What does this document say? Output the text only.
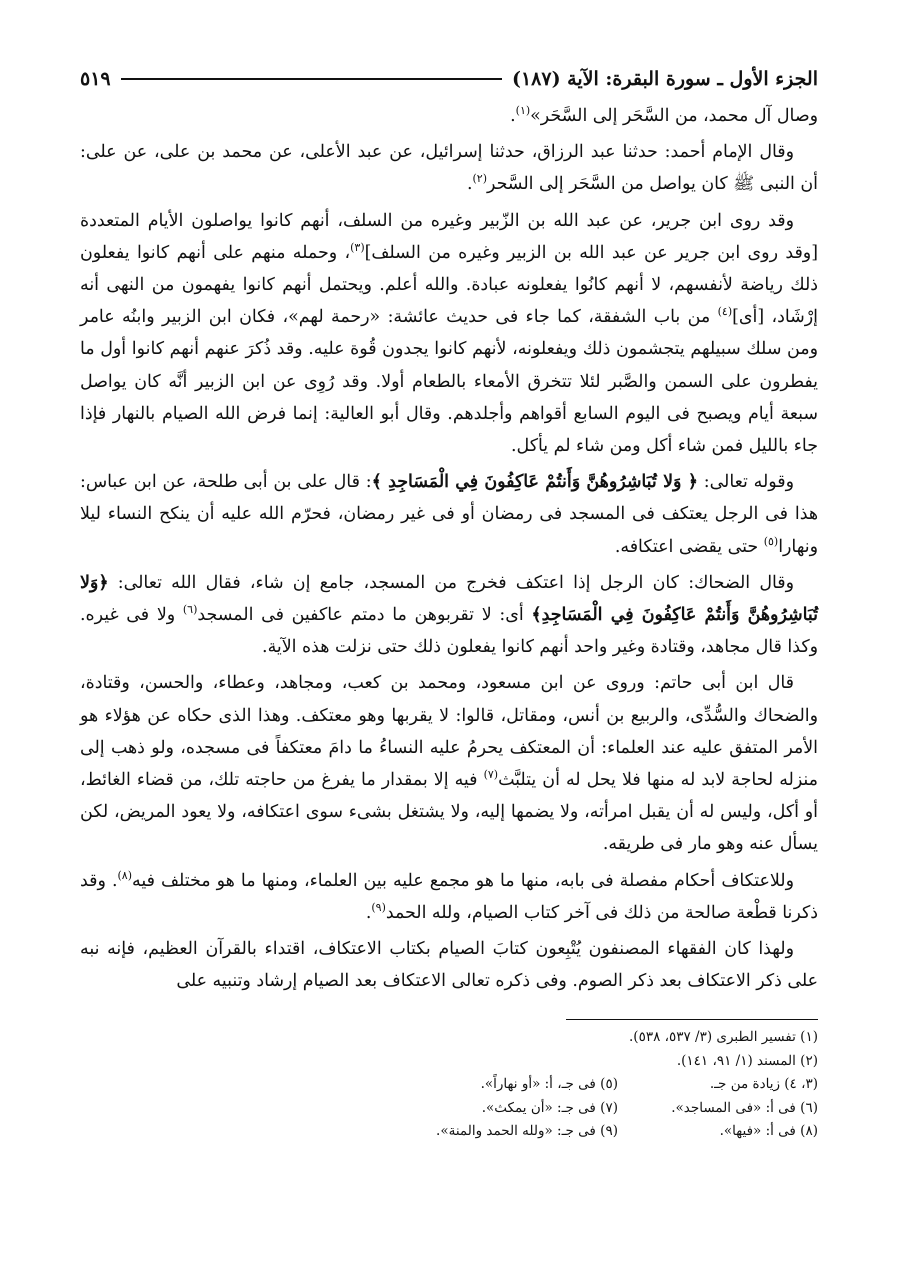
الجزء الأول ـ سورة البقرة: الآية (١٨٧)
٥١٩

وصال آل محمد، من السَّحَر إلى السَّحَر»$^{(١)}$.

وقال الإمام أحمد: حدثنا عبد الرزاق، حدثنا إسرائيل، عن عبد الأعلى، عن محمد بن على، عن على: أن النبى ﷺ كان يواصل من السَّحَر إلى السَّحر$^{(٢)}$.

وقد روى ابن جرير، عن عبد الله بن الزّبير وغيره من السلف، أنهم كانوا يواصلون الأيام المتعددة [وقد روى ابن جرير عن عبد الله بن الزبير وغيره من السلف]$^{(٣)}$، وحمله منهم على أنهم كانوا يفعلون ذلك رياضة لأنفسهم، لا أنهم كانُوا يفعلونه عبادة. والله أعلم. ويحتمل أنهم كانوا يفهمون من النهى أنه إرْشَاد، [أى]$^{(٤)}$ من باب الشفقة، كما جاء فى حديث عائشة: «رحمة لهم»، فكان ابن الزبير وابنُه عامر ومن سلك سبيلهم يتجشمون ذلك ويفعلونه، لأنهم كانوا يجدون قُوة عليه. وقد ذُكرَ عنهم أنهم كانوا أول ما يفطرون على السمن والصَّبر لئلا تتخرق الأمعاء بالطعام أولا. وقد رُوِى عن ابن الزبير أنَّه كان يواصل سبعة أيام ويصبح فى اليوم السابع أقواهم وأجلدهم. وقال أبو العالية: إنما فرض الله الصيام بالنهار فإذا جاء بالليل فمن شاء أكل ومن شاء لم يأكل.

وقوله تعالى: ﴿ وَلا تُبَاشِرُوهُنَّ وَأَنتُمْ عَاكِفُونَ فِي الْمَسَاجِدِ ﴾: قال على بن أبى طلحة، عن ابن عباس: هذا فى الرجل يعتكف فى المسجد فى رمضان أو فى غير رمضان، فحرّم الله عليه أن ينكح النساء ليلا ونهارا$^{(٥)}$ حتى يقضى اعتكافه.

وقال الضحاك: كان الرجل إذا اعتكف فخرج من المسجد، جامع إن شاء، فقال الله تعالى: ﴿وَلا تُبَاشِرُوهُنَّ وَأَنتُمْ عَاكِفُونَ فِي الْمَسَاجِدِ﴾ أى: لا تقربوهن ما دمتم عاكفين فى المسجد$^{(٦)}$ ولا فى غيره. وكذا قال مجاهد، وقتادة وغير واحد أنهم كانوا يفعلون ذلك حتى نزلت هذه الآية.

قال ابن أبى حاتم: وروى عن ابن مسعود، ومحمد بن كعب، ومجاهد، وعطاء، والحسن، وقتادة، والضحاك والسُّدِّى، والربيع بن أنس، ومقاتل، قالوا: لا يقربها وهو معتكف. وهذا الذى حكاه عن هؤلاء هو الأمر المتفق عليه عند العلماء: أن المعتكف يحرمُ عليه النساءُ ما دامَ معتكفاً فى مسجده، ولو ذهب إلى منزله لحاجة لابد له منها فلا يحل له أن يتلبَّث$^{(٧)}$ فيه إلا بمقدار ما يفرغ من حاجته تلك، من قضاء الغائط، أو أكل، وليس له أن يقبل امرأته، ولا يضمها إليه، ولا يشتغل بشىء سوى اعتكافه، ولا يعود المريض، لكن يسأل عنه وهو مار فى طريقه.

وللاعتكاف أحكام مفصلة فى بابه، منها ما هو مجمع عليه بين العلماء، ومنها ما هو مختلف فيه$^{(٨)}$. وقد ذكرنا قطْعة صالحة من ذلك فى آخر كتاب الصيام، ولله الحمد$^{(٩)}$.

ولهذا كان الفقهاء المصنفون يُتْبِعون كتابَ الصيام بكتاب الاعتكاف، اقتداء بالقرآن العظيم، فإنه نبه على ذكر الاعتكاف بعد ذكر الصوم. وفى ذكره تعالى الاعتكاف بعد الصيام إرشاد وتنبيه على

(١) تفسير الطبرى (٣/ ٥٣٧، ٥٣٨).
(٢) المسند (١/ ٩١، ١٤١).
(٣، ٤) زيادة من جـ.
(٥) فى جـ، أ: «أو نهاراً».
(٦) فى أ: «فى المساجد».
(٧) فى جـ: «أن يمكث».
(٨) فى أ: «فيها».
(٩) فى جـ: «ولله الحمد والمنة».
